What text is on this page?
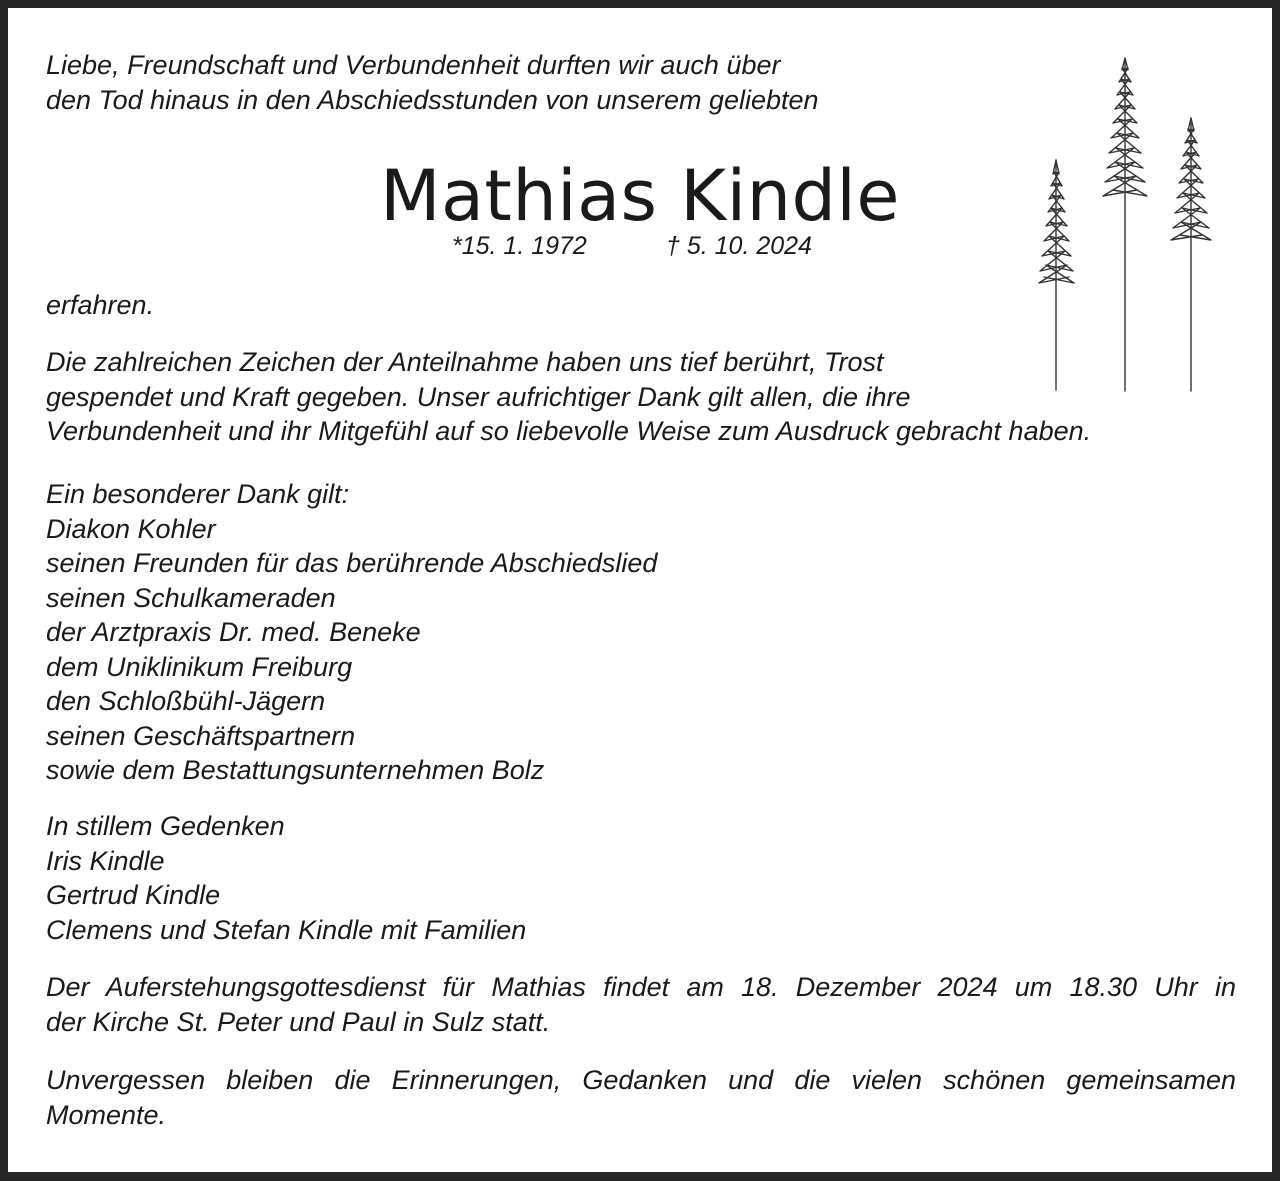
Liebe, Freundschaft und Verbundenheit durften wir auch über
den Tod hinaus in den Abschiedsstunden von unserem geliebten
Mathias Kindle
*15. 1. 1972	† 5. 10. 2024
erfahren.
Die zahlreichen Zeichen der Anteilnahme haben uns tief berührt, Trost
gespendet und Kraft gegeben. Unser aufrichtiger Dank gilt allen, die ihre
Verbundenheit und ihr Mitgefühl auf so liebevolle Weise zum Ausdruck gebracht haben.
Ein besonderer Dank gilt:
Diakon Kohler
seinen Freunden für das berührende Abschiedslied
seinen Schulkameraden
der Arztpraxis Dr. med. Beneke
dem Uniklinikum Freiburg
den Schloßbühl-Jägern
seinen Geschäftspartnern
sowie dem Bestattungsunternehmen Bolz
In stillem Gedenken
Iris Kindle
Gertrud Kindle
Clemens und Stefan Kindle mit Familien
Der Auferstehungsgottesdienst für Mathias findet am 18. Dezember 2024 um 18.30 Uhr in
der Kirche St. Peter und Paul in Sulz statt.
Unvergessen bleiben die Erinnerungen, Gedanken und die vielen schönen gemeinsamen
Momente.
